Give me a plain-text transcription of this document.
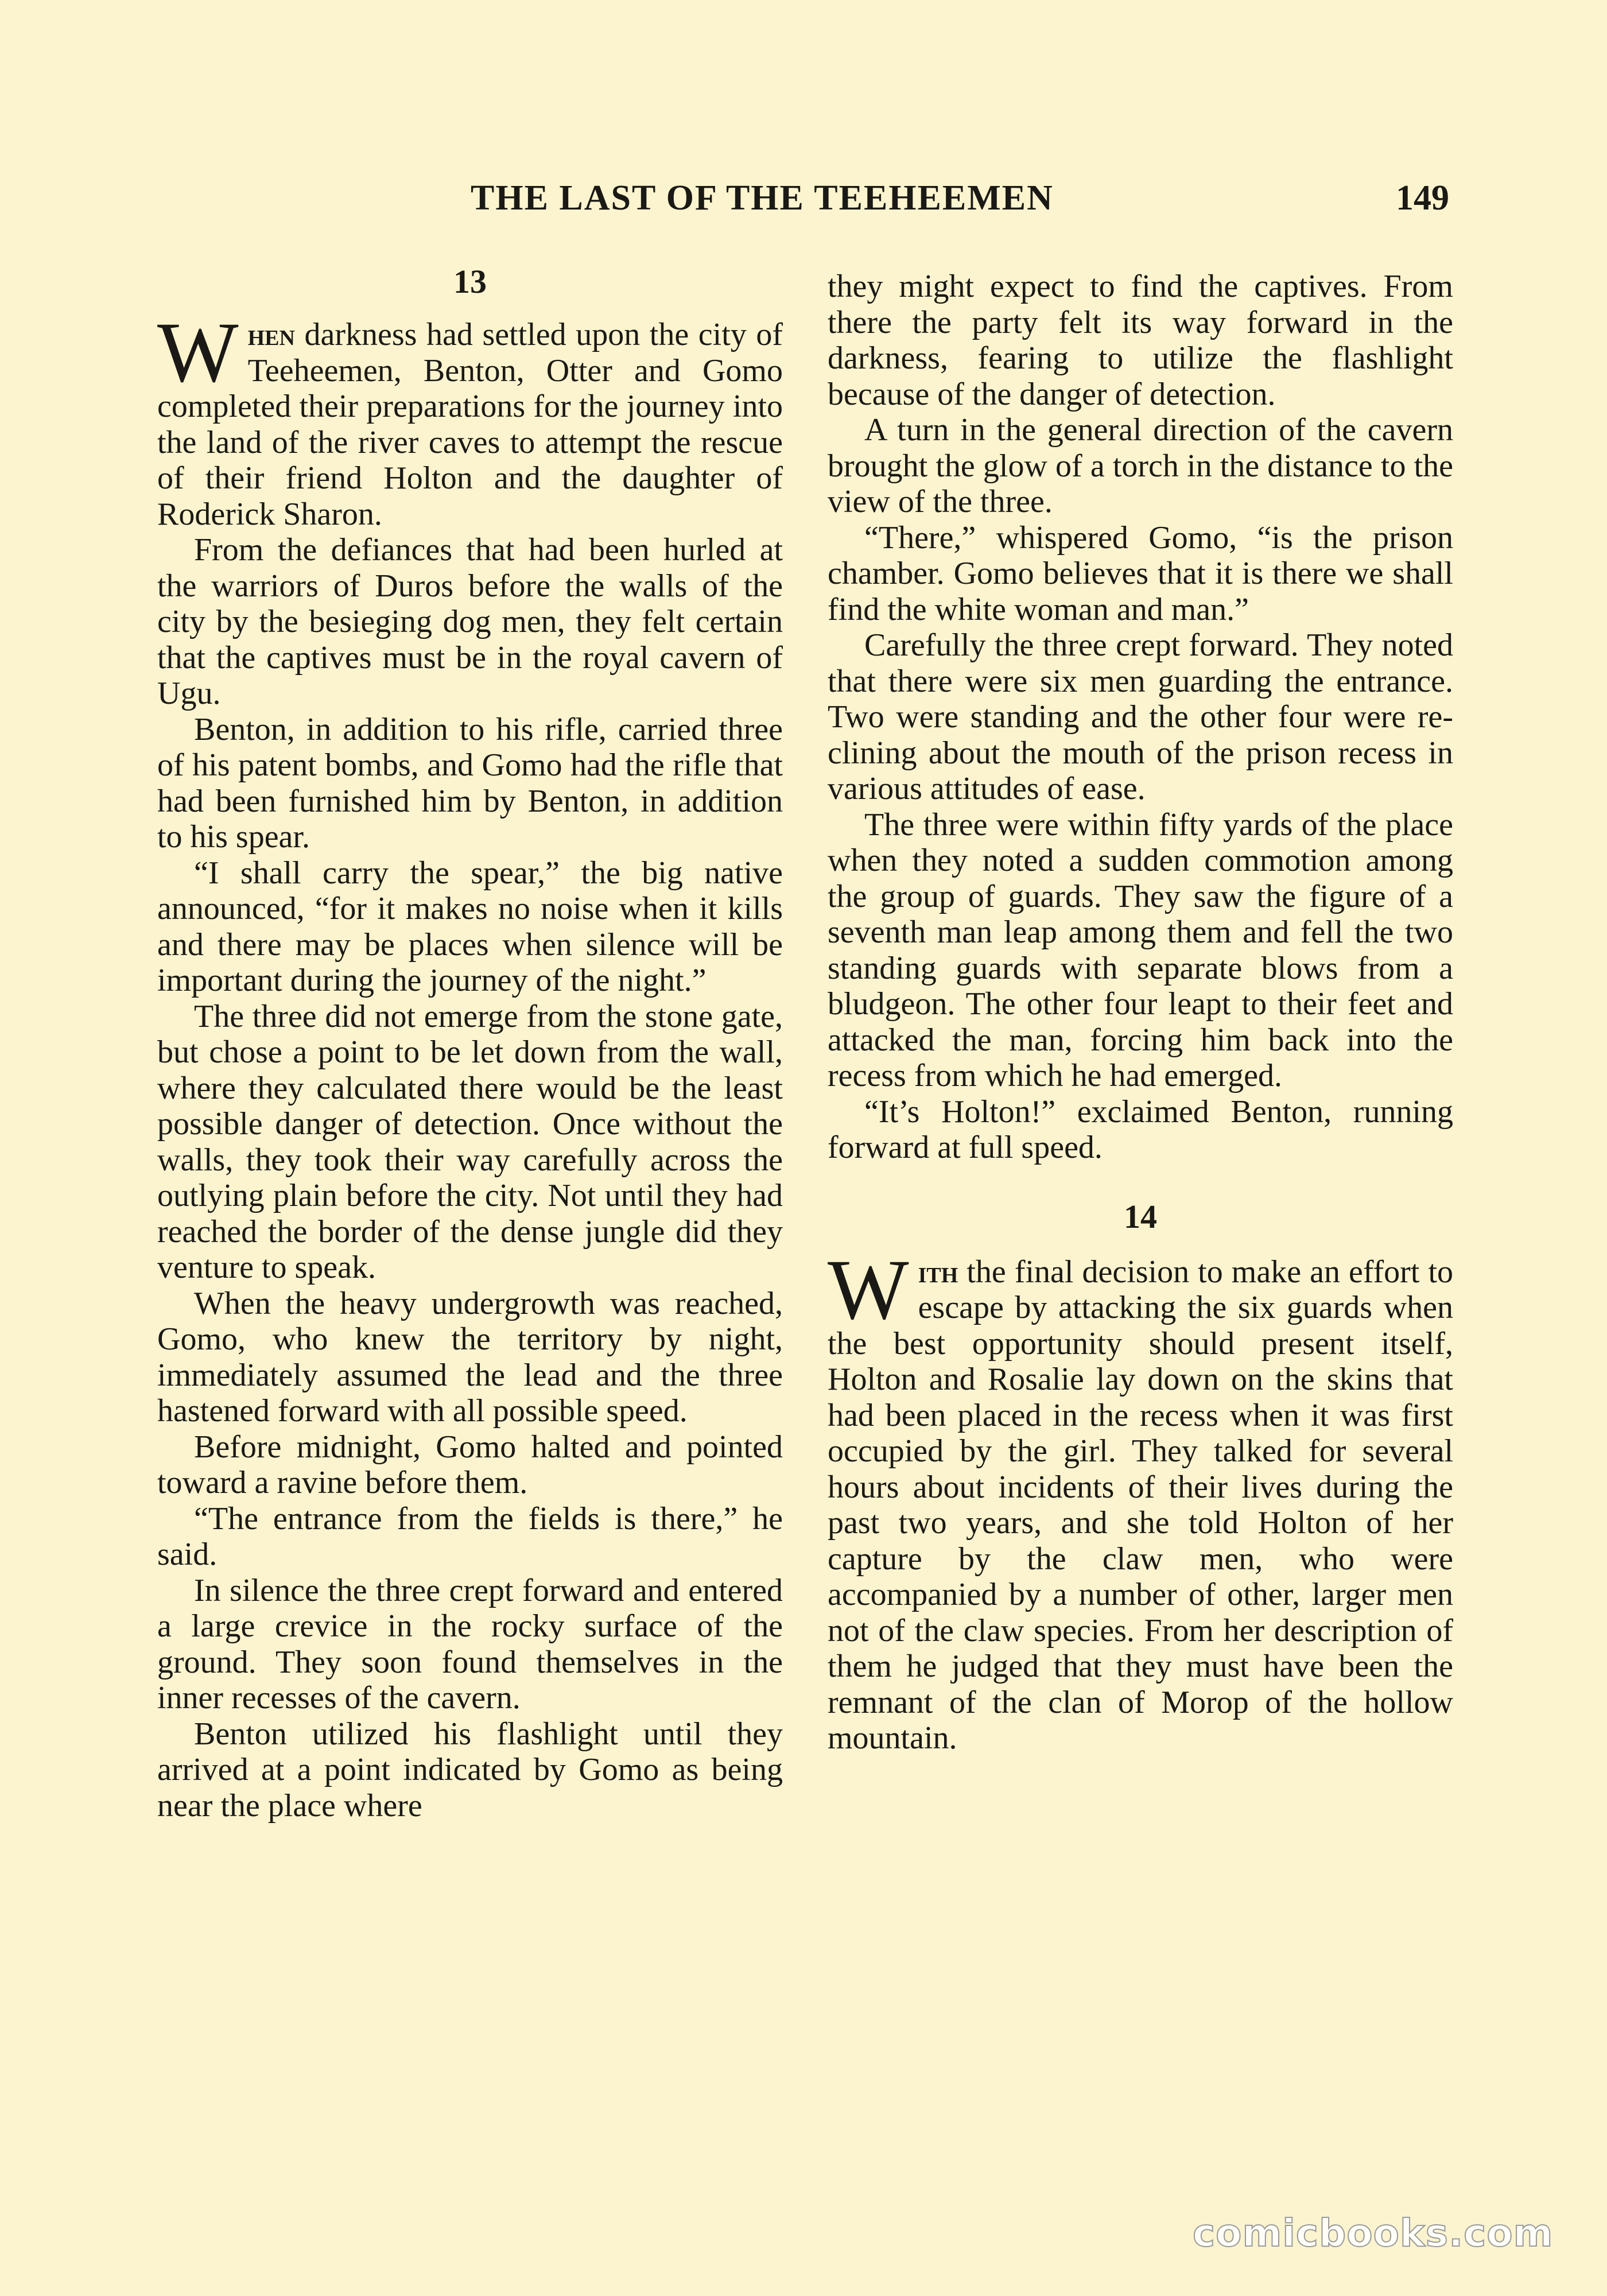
THE LAST OF THE TEEHEEMEN	149
13

When darkness had settled upon the city of Teeheemen, Benton, Otter and Gomo completed their preparations for the journey into the land of the river caves to attempt the rescue of their friend Holton and the daughter of Roderick Sharon.

From the defiances that had been hurled at the warriors of Duros before the walls of the city by the besieging dog men, they felt certain that the captives must be in the royal cavern of Ugu.

Benton, in addition to his rifle, carried three of his patent bombs, and Gomo had the rifle that had been furnished him by Benton, in addition to his spear.

“I shall carry the spear,” the big native announced, “for it makes no noise when it kills and there may be places when silence will be important during the journey of the night.”

The three did not emerge from the stone gate, but chose a point to be let down from the wall, where they calculated there would be the least possible danger of detection. Once without the walls, they took their way carefully across the outlying plain before the city. Not until they had reached the border of the dense jungle did they venture to speak.

When the heavy undergrowth was reached, Gomo, who knew the territory by night, immediately assumed the lead and the three hastened forward with all possible speed.

Before midnight, Gomo halted and pointed toward a ravine before them.

“The entrance from the fields is there,” he said.

In silence the three crept forward and entered a large crevice in the rocky surface of the ground. They soon found themselves in the inner recesses of the cavern.

Benton utilized his flashlight until they arrived at a point indicated by Gomo as being near the place where

they might expect to find the captives. From there the party felt its way forward in the darkness, fearing to utilize the flashlight because of the danger of detection.

A turn in the general direction of the cavern brought the glow of a torch in the distance to the view of the three.

“There,” whispered Gomo, “is the prison chamber. Gomo believes that it is there we shall find the white woman and man.”

Carefully the three crept forward. They noted that there were six men guarding the entrance. Two were standing and the other four were reclining about the mouth of the prison recess in various attitudes of ease.

The three were within fifty yards of the place when they noted a sudden commotion among the group of guards. They saw the figure of a seventh man leap among them and fell the two standing guards with separate blows from a bludgeon. The other four leapt to their feet and attacked the man, forcing him back into the recess from which he had emerged.

“It’s Holton!” exclaimed Benton, running forward at full speed.

14

With the final decision to make an effort to escape by attacking the six guards when the best opportunity should present itself, Holton and Rosalie lay down on the skins that had been placed in the recess when it was first occupied by the girl. They talked for several hours about incidents of their lives during the past two years, and she told Holton of her capture by the claw men, who were accompanied by a number of other, larger men not of the claw species. From her description of them he judged that they must have been the remnant of the clan of Morop of the hollow mountain.

comicbooks.com
